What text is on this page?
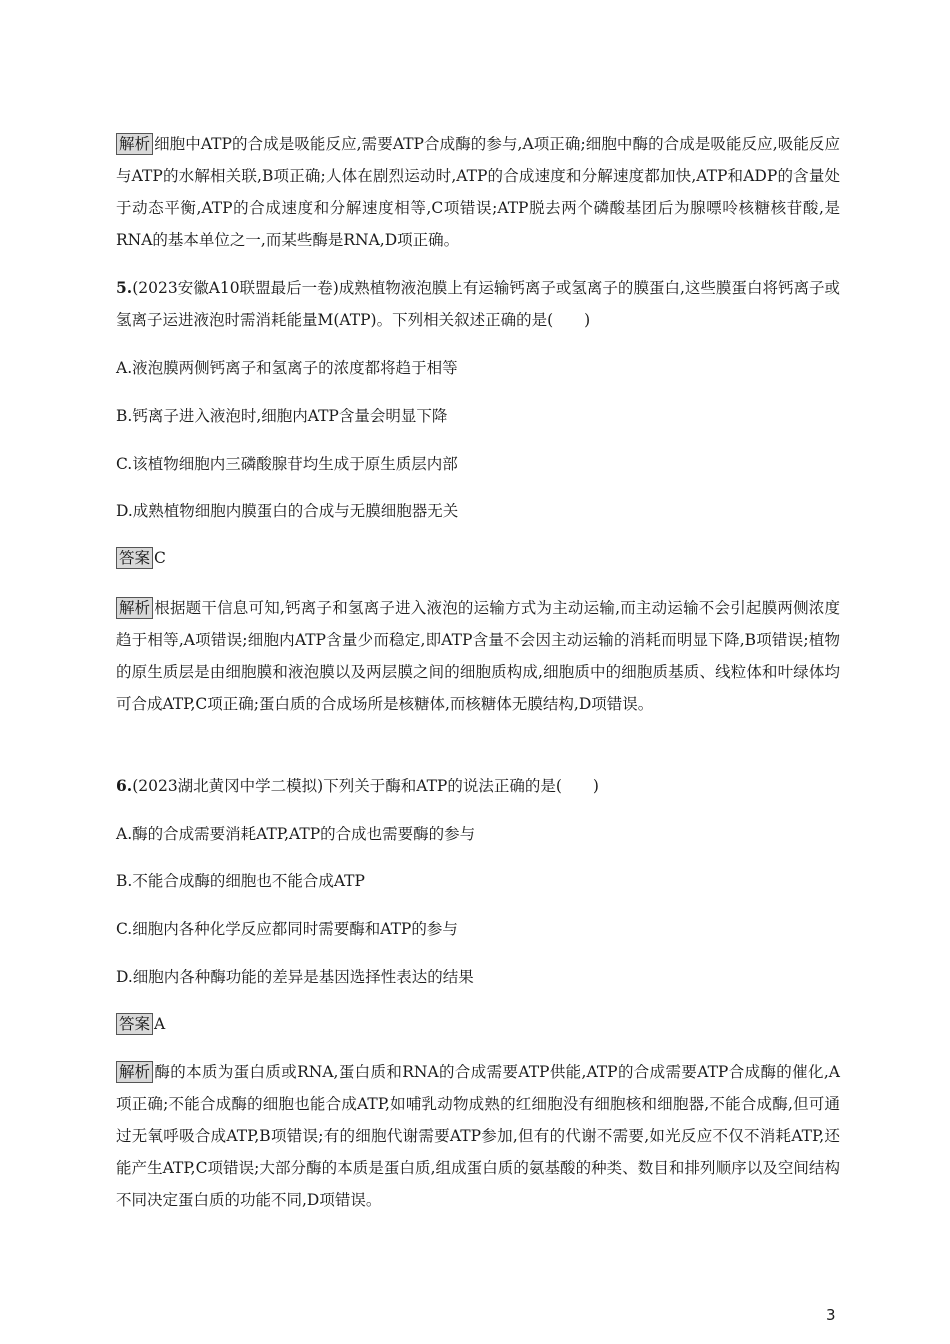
解析 细胞中ATP的合成是吸能反应,需要ATP合成酶的参与,A项正确;细胞中酶的合成是吸能反应,吸能反应与ATP的水解相关联,B项正确;人体在剧烈运动时,ATP的合成速度和分解速度都加快,ATP和ADP的含量处于动态平衡,ATP的合成速度和分解速度相等,C项错误;ATP脱去两个磷酸基团后为腺嘌呤核糖核苷酸,是RNA的基本单位之一,而某些酶是RNA,D项正确。
5.(2023安徽A10联盟最后一卷)成熟植物液泡膜上有运输钙离子或氢离子的膜蛋白,这些膜蛋白将钙离子或氢离子运进液泡时需消耗能量M(ATP)。下列相关叙述正确的是(　　)
A.液泡膜两侧钙离子和氢离子的浓度都将趋于相等
B.钙离子进入液泡时,细胞内ATP含量会明显下降
C.该植物细胞内三磷酸腺苷均生成于原生质层内部
D.成熟植物细胞内膜蛋白的合成与无膜细胞器无关
答案 C
解析 根据题干信息可知,钙离子和氢离子进入液泡的运输方式为主动运输,而主动运输不会引起膜两侧浓度趋于相等,A项错误;细胞内ATP含量少而稳定,即ATP含量不会因主动运输的消耗而明显下降,B项错误;植物的原生质层是由细胞膜和液泡膜以及两层膜之间的细胞质构成,细胞质中的细胞质基质、线粒体和叶绿体均可合成ATP,C项正确;蛋白质的合成场所是核糖体,而核糖体无膜结构,D项错误。
6.(2023湖北黄冈中学二模拟)下列关于酶和ATP的说法正确的是(　　)
A.酶的合成需要消耗ATP,ATP的合成也需要酶的参与
B.不能合成酶的细胞也不能合成ATP
C.细胞内各种化学反应都同时需要酶和ATP的参与
D.细胞内各种酶功能的差异是基因选择性表达的结果
答案 A
解析 酶的本质为蛋白质或RNA,蛋白质和RNA的合成需要ATP供能,ATP的合成需要ATP合成酶的催化,A项正确;不能合成酶的细胞也能合成ATP,如哺乳动物成熟的红细胞没有细胞核和细胞器,不能合成酶,但可通过无氧呼吸合成ATP,B项错误;有的细胞代谢需要ATP参加,但有的代谢不需要,如光反应不仅不消耗ATP,还能产生ATP,C项错误;大部分酶的本质是蛋白质,组成蛋白质的氨基酸的种类、数目和排列顺序以及空间结构不同决定蛋白质的功能不同,D项错误。
3
